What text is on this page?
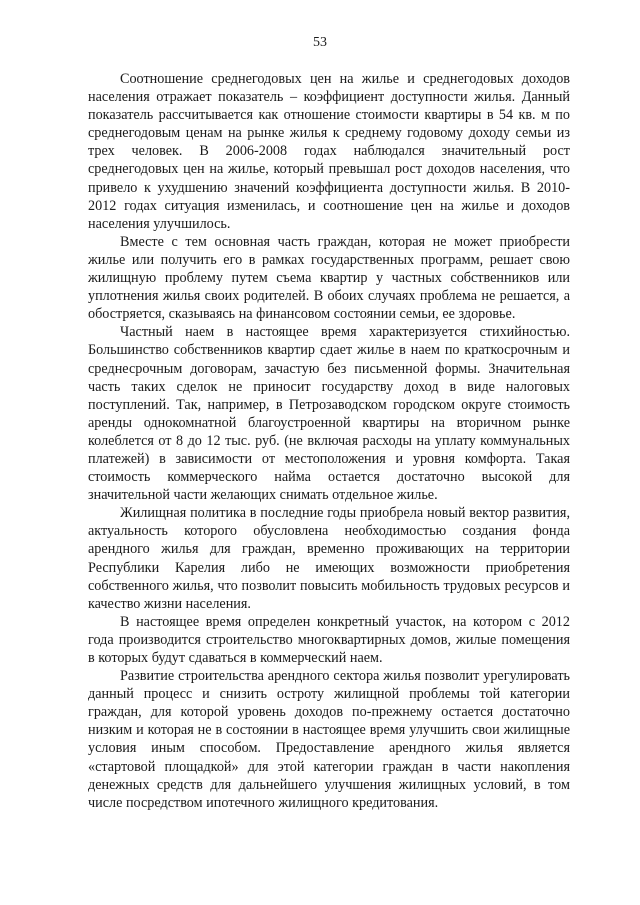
53

Соотношение среднегодовых цен на жилье и среднегодовых доходов населения отражает показатель – коэффициент доступности жилья. Данный показатель рассчитывается как отношение стоимости квартиры в 54 кв. м по среднегодовым ценам на рынке жилья к среднему годовому доходу семьи из трех человек. В 2006-2008 годах наблюдался значительный рост среднегодовых цен на жилье, который превышал рост доходов населения, что привело к ухудшению значений коэффициента доступности жилья. В 2010-2012 годах ситуация изменилась, и соотношение цен на жилье и доходов населения улучшилось.

Вместе с тем основная часть граждан, которая не может приобрести жилье или получить его в рамках государственных программ, решает свою жилищную проблему путем съема квартир у частных собственников или уплотнения жилья своих родителей. В обоих случаях проблема не решается, а обостряется, сказываясь на финансовом состоянии семьи, ее здоровье.

Частный наем в настоящее время характеризуется стихийностью. Большинство собственников квартир сдает жилье в наем по краткосрочным и среднесрочным договорам, зачастую без письменной формы. Значительная часть таких сделок не приносит государству доход в виде налоговых поступлений. Так, например, в Петрозаводском городском округе стоимость аренды однокомнатной благоустроенной квартиры на вторичном рынке колеблется от 8 до 12 тыс. руб. (не включая расходы на уплату коммунальных платежей) в зависимости от местоположения и уровня комфорта. Такая стоимость коммерческого найма остается достаточно высокой для значительной части желающих снимать отдельное жилье.

Жилищная политика в последние годы приобрела новый вектор развития, актуальность которого обусловлена необходимостью создания фонда арендного жилья для граждан, временно проживающих на территории Республики Карелия либо не имеющих возможности приобретения собственного жилья, что позволит повысить мобильность трудовых ресурсов и качество жизни населения.

В настоящее время определен конкретный участок, на котором с 2012 года производится строительство многоквартирных домов, жилые помещения в которых будут сдаваться в коммерческий наем.

Развитие строительства арендного сектора жилья позволит урегулировать данный процесс и снизить остроту жилищной проблемы той категории граждан, для которой уровень доходов по-прежнему остается достаточно низким и которая не в состоянии в настоящее время улучшить свои жилищные условия иным способом. Предоставление арендного жилья является «стартовой площадкой» для этой категории граждан в части накопления денежных средств для дальнейшего улучшения жилищных условий, в том числе посредством ипотечного жилищного кредитования.
